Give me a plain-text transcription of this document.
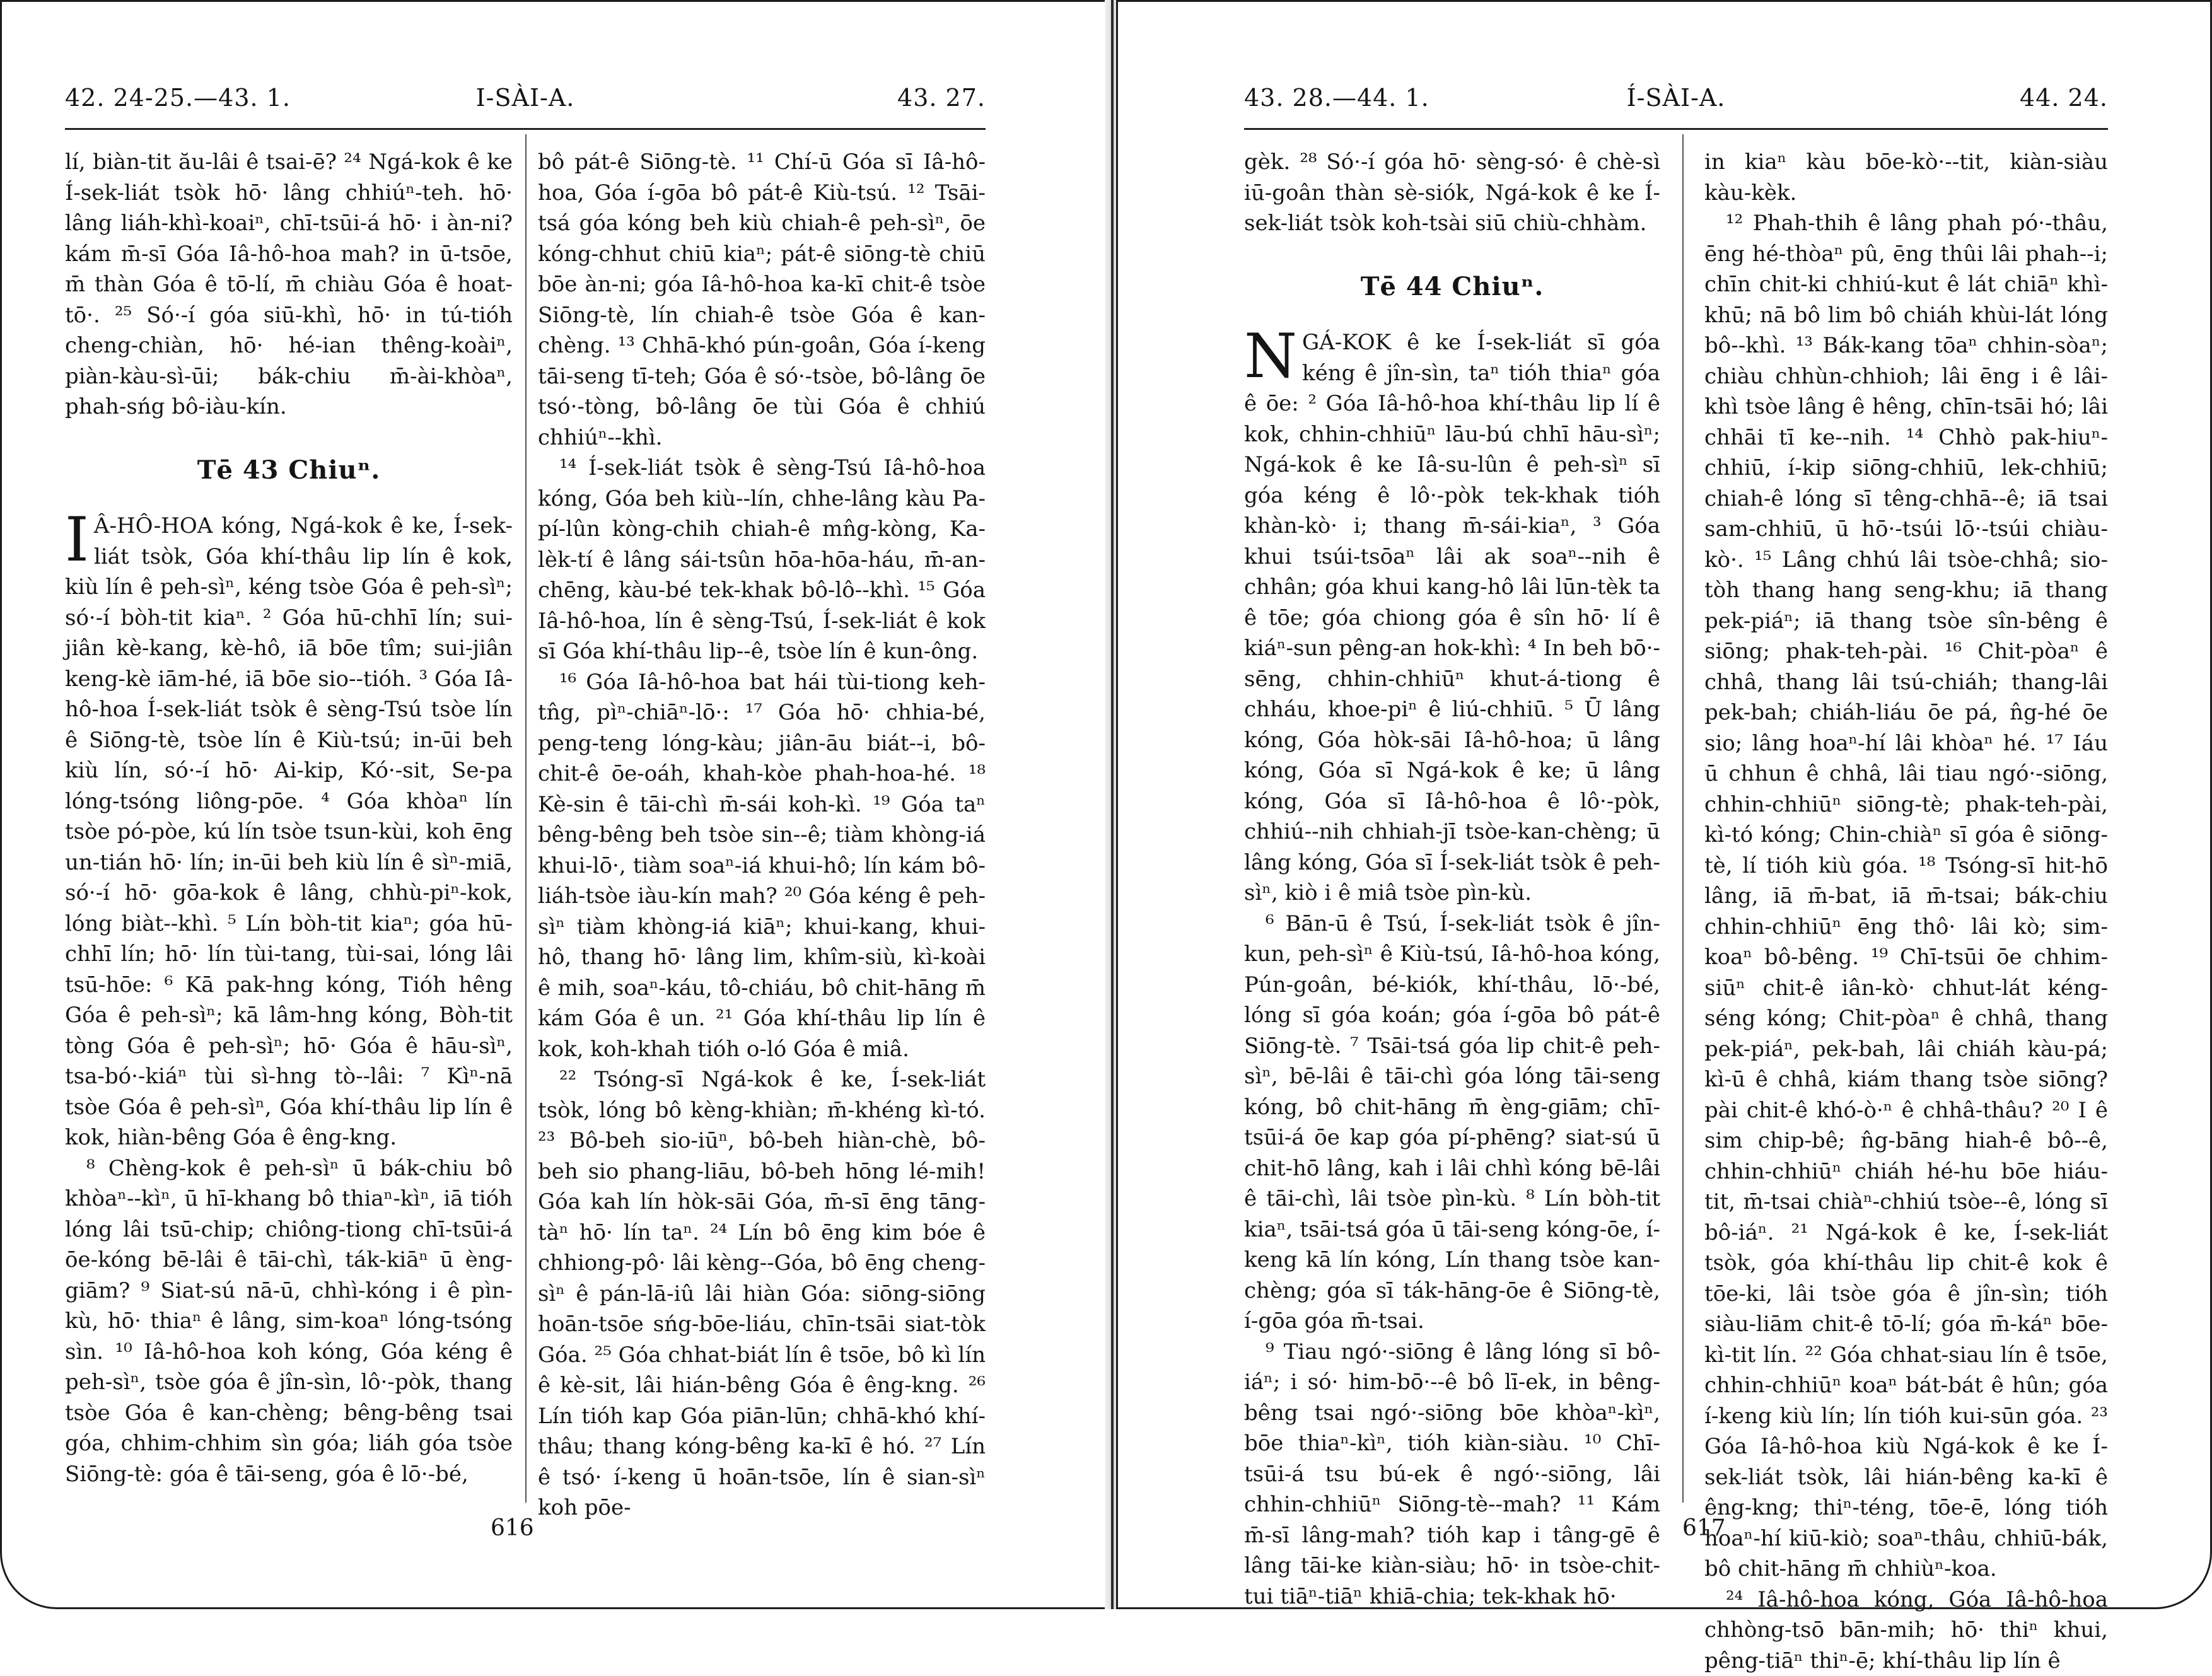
42. 24-25.—43. 1.	I-SÀI-A.	43. 27.

lí, biàn-tit ău-lâi ê tsai-ē? ²⁴ Ngá-kok ê ke Í-sek-liát tsòk hō· lâng chhiúⁿ-teh. hō· lâng liáh-khì-koaiⁿ, chī-tsūi-á hō· i àn-ni? kám m̄-sī Góa Iâ-hô-hoa mah? in ū-tsōe, m̄ thàn Góa ê tō-lí, m̄ chiàu Góa ê hoat-tō·. ²⁵ Só·-í góa siū-khì, hō· in tú-tióh cheng-chiàn, hō· hé-ian thêng-koàiⁿ, piàn-kàu-sì-ūi; bák-chiu m̄-ài-khòaⁿ, phah-sńg bô-iàu-kín.

Tē 43 Chiuⁿ.

I Â-HÔ-HOA kóng, Ngá-kok ê ke, Í-sek-liát tsòk, Góa khí-thâu lip lín ê kok, kiù lín ê peh-sìⁿ, kéng tsòe Góa ê peh-sìⁿ; só·-í bòh-tit kiaⁿ. ² Góa hū-chhī lín; sui-jiân kè-kang, kè-hô, iā bōe tîm; sui-jiân keng-kè iām-hé, iā bōe sio--tióh. ³ Góa Iâ-hô-hoa Í-sek-liát tsòk ê sèng-Tsú tsòe lín ê Siōng-tè, tsòe lín ê Kiù-tsú; in-ūi beh kiù lín, só·-í hō· Ai-kip, Kó·-sit, Se-pa lóng-tsóng liông-pōe. ⁴ Góa khòaⁿ lín tsòe pó-pòe, kú lín tsòe tsun-kùi, koh ēng un-tián hō· lín; in-ūi beh kiù lín ê sìⁿ-miā, só·-í hō· gōa-kok ê lâng, chhù-piⁿ-kok, lóng biàt--khì. ⁵ Lín bòh-tit kiaⁿ; góa hū-chhī lín; hō· lín tùi-tang, tùi-sai, lóng lâi tsū-hōe: ⁶ Kā pak-hng kóng, Tióh hêng Góa ê peh-sìⁿ; kā lâm-hng kóng, Bòh-tit tòng Góa ê peh-sìⁿ; hō· Góa ê hāu-sìⁿ, tsa-bó·-kiáⁿ tùi sì-hng tò--lâi: ⁷ Kìⁿ-nā tsòe Góa ê peh-sìⁿ, Góa khí-thâu lip lín ê kok, hiàn-bêng Góa ê êng-kng.

⁸ Chèng-kok ê peh-sìⁿ ū bák-chiu bô khòaⁿ--kìⁿ, ū hī-khang bô thiaⁿ-kìⁿ, iā tióh lóng lâi tsū-chip; chiông-tiong chī-tsūi-á ōe-kóng bē-lâi ê tāi-chì, ták-kiāⁿ ū èng-giām? ⁹ Siat-sú nā-ū, chhì-kóng i ê pìn-kù, hō· thiaⁿ ê lâng, sim-koaⁿ lóng-tsóng sìn. ¹⁰ Iâ-hô-hoa koh kóng, Góa kéng ê peh-sìⁿ, tsòe góa ê jîn-sìn, lô·-pòk, thang tsòe Góa ê kan-chèng; bêng-bêng tsai góa, chhim-chhim sìn góa; liáh góa tsòe Siōng-tè: góa ê tāi-seng, góa ê lō·-bé,

bô pát-ê Siōng-tè. ¹¹ Chí-ū Góa sī Iâ-hô-hoa, Góa í-gōa bô pát-ê Kiù-tsú. ¹² Tsāi-tsá góa kóng beh kiù chiah-ê peh-sìⁿ, ōe kóng-chhut chiū kiaⁿ; pát-ê siōng-tè chiū bōe àn-ni; góa Iâ-hô-hoa ka-kī chit-ê tsòe Siōng-tè, lín chiah-ê tsòe Góa ê kan-chèng. ¹³ Chhā-khó pún-goân, Góa í-keng tāi-seng tī-teh; Góa ê só·-tsòe, bô-lâng ōe tsó·-tòng, bô-lâng ōe tùi Góa ê chhiú chhiúⁿ--khì.

¹⁴ Í-sek-liát tsòk ê sèng-Tsú Iâ-hô-hoa kóng, Góa beh kiù--lín, chhe-lâng kàu Pa-pí-lûn kòng-chih chiah-ê mn̂g-kòng, Ka-lèk-tí ê lâng sái-tsûn hōa-hōa-háu, m̄-an-chēng, kàu-bé tek-khak bô-lô--khì. ¹⁵ Góa Iâ-hô-hoa, lín ê sèng-Tsú, Í-sek-liát ê kok sī Góa khí-thâu lip--ê, tsòe lín ê kun-ông.

¹⁶ Góa Iâ-hô-hoa bat hái tùi-tiong keh-tn̂g, pìⁿ-chiāⁿ-lō·: ¹⁷ Góa hō· chhia-bé, peng-teng lóng-kàu; jiân-āu biát--i, bô-chit-ê ōe-oáh, khah-kòe phah-hoa-hé. ¹⁸ Kè-sin ê tāi-chì m̄-sái koh-kì. ¹⁹ Góa taⁿ bêng-bêng beh tsòe sin--ê; tiàm khòng-iá khui-lō·, tiàm soaⁿ-iá khui-hô; lín kám bô-liáh-tsòe iàu-kín mah? ²⁰ Góa kéng ê peh-sìⁿ tiàm khòng-iá kiāⁿ; khui-kang, khui-hô, thang hō· lâng lim, khîm-siù, kì-koài ê mih, soaⁿ-káu, tô-chiáu, bô chit-hāng m̄ kám Góa ê un. ²¹ Góa khí-thâu lip lín ê kok, koh-khah tióh o-ló Góa ê miâ.

²² Tsóng-sī Ngá-kok ê ke, Í-sek-liát tsòk, lóng bô kèng-khiàn; m̄-khéng kì-tó. ²³ Bô-beh sio-iūⁿ, bô-beh hiàn-chè, bô-beh sio phang-liāu, bô-beh hōng lé-mih! Góa kah lín hòk-sāi Góa, m̄-sī ēng tāng-tàⁿ hō· lín taⁿ. ²⁴ Lín bô ēng kim bóe ê chhiong-pô· lâi kèng--Góa, bô ēng cheng-sìⁿ ê pán-lā-iû lâi hiàn Góa: siōng-siōng hoān-tsōe sńg-bōe-liáu, chīn-tsāi siat-tòk Góa. ²⁵ Góa chhat-biát lín ê tsōe, bô kì lín ê kè-sit, lâi hián-bêng Góa ê êng-kng. ²⁶ Lín tióh kap Góa piān-lūn; chhā-khó khí-thâu; thang kóng-bêng ka-kī ê hó. ²⁷ Lín ê tsó· í-keng ū hoān-tsōe, lín ê sian-sìⁿ koh pōe-

616
43. 28.—44. 1.	Í-SÀI-A.	44. 24.

gèk. ²⁸ Só·-í góa hō· sèng-só· ê chè-sì iū-goân thàn sè-siók, Ngá-kok ê ke Í-sek-liát tsòk koh-tsài siū chiù-chhàm.

Tē 44 Chiuⁿ.

NGÁ-KOK ê ke Í-sek-liát sī góa kéng ê jîn-sìn, taⁿ tióh thiaⁿ góa ê ōe: ² Góa Iâ-hô-hoa khí-thâu lip lí ê kok, chhin-chhiūⁿ lāu-bú chhī hāu-sìⁿ; Ngá-kok ê ke Iâ-su-lûn ê peh-sìⁿ sī góa kéng ê lô·-pòk tek-khak tióh khàn-kò· i; thang m̄-sái-kiaⁿ, ³ Góa khui tsúi-tsōaⁿ lâi ak soaⁿ--nih ê chhân; góa khui kang-hô lâi lūn-tèk ta ê tōe; góa chiong góa ê sîn hō· lí ê kiáⁿ-sun pêng-an hok-khì: ⁴ In beh bō·-sēng, chhin-chhiūⁿ khut-á-tiong ê chháu, khoe-piⁿ ê liú-chhiū. ⁵ Ū lâng kóng, Góa hòk-sāi Iâ-hô-hoa; ū lâng kóng, Góa sī Ngá-kok ê ke; ū lâng kóng, Góa sī Iâ-hô-hoa ê lô·-pòk, chhiú--nih chhiah-jī tsòe-kan-chèng; ū lâng kóng, Góa sī Í-sek-liát tsòk ê peh-sìⁿ, kiò i ê miâ tsòe pìn-kù.

⁶ Bān-ū ê Tsú, Í-sek-liát tsòk ê jîn-kun, peh-sìⁿ ê Kiù-tsú, Iâ-hô-hoa kóng, Pún-goân, bé-kiók, khí-thâu, lō·-bé, lóng sī góa koán; góa í-gōa bô pát-ê Siōng-tè. ⁷ Tsāi-tsá góa lip chit-ê peh-sìⁿ, bē-lâi ê tāi-chì góa lóng tāi-seng kóng, bô chit-hāng m̄ èng-giām; chī-tsūi-á ōe kap góa pí-phēng? siat-sú ū chit-hō lâng, kah i lâi chhì kóng bē-lâi ê tāi-chì, lâi tsòe pìn-kù. ⁸ Lín bòh-tit kiaⁿ, tsāi-tsá góa ū tāi-seng kóng-ōe, í-keng kā lín kóng, Lín thang tsòe kan-chèng; góa sī ták-hāng-ōe ê Siōng-tè, í-gōa góa m̄-tsai.

⁹ Tiau ngó·-siōng ê lâng lóng sī bô-iáⁿ; i só· him-bō·--ê bô lī-ek, in bêng-bêng tsai ngó·-siōng bōe khòaⁿ-kìⁿ, bōe thiaⁿ-kìⁿ, tióh kiàn-siàu. ¹⁰ Chī-tsūi-á tsu bú-ek ê ngó·-siōng, lâi chhin-chhiūⁿ Siōng-tè--mah? ¹¹ Kám m̄-sī lâng-mah? tióh kap i tâng-gē ê lâng tāi-ke kiàn-siàu; hō· in tsòe-chit-tui tiāⁿ-tiāⁿ khiā-chia; tek-khak hō·

in kiaⁿ kàu bōe-kò·--tit, kiàn-siàu kàu-kèk.

¹² Phah-thih ê lâng phah pó·-thâu, ēng hé-thòaⁿ pû, ēng thûi lâi phah--i; chīn chit-ki chhiú-kut ê lát chiāⁿ khì-khū; nā bô lim bô chiáh khùi-lát lóng bô--khì. ¹³ Bák-kang tōaⁿ chhin-sòaⁿ; chiàu chhùn-chhioh; lâi ēng i ê lâi-khì tsòe lâng ê hêng, chīn-tsāi hó; lâi chhāi tī ke--nih. ¹⁴ Chhò pak-hiuⁿ-chhiū, í-kip siōng-chhiū, lek-chhiū; chiah-ê lóng sī têng-chhā--ê; iā tsai sam-chhiū, ū hō·-tsúi lō·-tsúi chiàu-kò·. ¹⁵ Lâng chhú lâi tsòe-chhâ; sio-tòh thang hang seng-khu; iā thang pek-piáⁿ; iā thang tsòe sîn-bêng ê siōng; phak-teh-pài. ¹⁶ Chit-pòaⁿ ê chhâ, thang lâi tsú-chiáh; thang-lâi pek-bah; chiáh-liáu ōe pá, n̂g-hé ōe sio; lâng hoaⁿ-hí lâi khòaⁿ hé. ¹⁷ Iáu ū chhun ê chhâ, lâi tiau ngó·-siōng, chhin-chhiūⁿ siōng-tè; phak-teh-pài, kì-tó kóng; Chin-chiàⁿ sī góa ê siōng-tè, lí tióh kiù góa. ¹⁸ Tsóng-sī hit-hō lâng, iā m̄-bat, iā m̄-tsai; bák-chiu chhin-chhiūⁿ ēng thô· lâi kò; sim-koaⁿ bô-bêng. ¹⁹ Chī-tsūi ōe chhim-siūⁿ chit-ê iân-kò· chhut-lát kéng-séng kóng; Chit-pòaⁿ ê chhâ, thang pek-piáⁿ, pek-bah, lâi chiáh kàu-pá; kì-ū ê chhâ, kiám thang tsòe siōng? pài chit-ê khó-ò·ⁿ ê chhâ-thâu? ²⁰ I ê sim chip-bê; n̂g-bāng hiah-ê bô--ê, chhin-chhiūⁿ chiáh hé-hu bōe hiáu-tit, m̄-tsai chiàⁿ-chhiú tsòe--ê, lóng sī bô-iáⁿ. ²¹ Ngá-kok ê ke, Í-sek-liát tsòk, góa khí-thâu lip chit-ê kok ê tōe-ki, lâi tsòe góa ê jîn-sìn; tióh siàu-liām chit-ê tō-lí; góa m̄-káⁿ bōe-kì-tit lín. ²² Góa chhat-siau lín ê tsōe, chhin-chhiūⁿ koaⁿ bát-bát ê hûn; góa í-keng kiù lín; lín tióh kui-sūn góa. ²³ Góa Iâ-hô-hoa kiù Ngá-kok ê ke Í-sek-liát tsòk, lâi hián-bêng ka-kī ê êng-kng; thiⁿ-téng, tōe-ē, lóng tióh hoaⁿ-hí kiū-kiò; soaⁿ-thâu, chhiū-bák, bô chit-hāng m̄ chhiùⁿ-koa.

²⁴ Iâ-hô-hoa kóng, Góa Iâ-hô-hoa chhòng-tsō bān-mih; hō· thiⁿ khui, pêng-tiāⁿ thiⁿ-ē; khí-thâu lip lín ê

617
